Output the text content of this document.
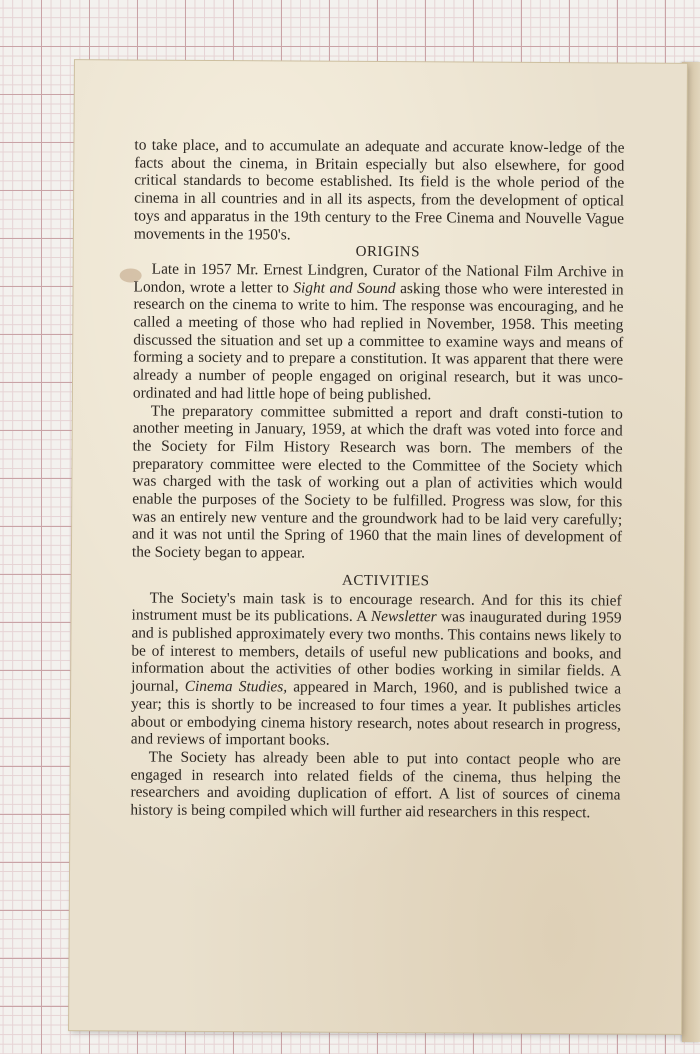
to take place, and to accumulate an adequate and accurate know-ledge of the facts about the cinema, in Britain especially but also elsewhere, for good critical standards to become established. Its field is the whole period of the cinema in all countries and in all its aspects, from the development of optical toys and apparatus in the 19th century to the Free Cinema and Nouvelle Vague movements in the 1950's.

ORIGINS

Late in 1957 Mr. Ernest Lindgren, Curator of the National Film Archive in London, wrote a letter to Sight and Sound asking those who were interested in research on the cinema to write to him. The response was encouraging, and he called a meeting of those who had replied in November, 1958. This meeting discussed the situation and set up a committee to examine ways and means of forming a society and to prepare a constitution. It was apparent that there were already a number of people engaged on original research, but it was unco-ordinated and had little hope of being published.

The preparatory committee submitted a report and draft consti-tution to another meeting in January, 1959, at which the draft was voted into force and the Society for Film History Research was born. The members of the preparatory committee were elected to the Committee of the Society which was charged with the task of working out a plan of activities which would enable the purposes of the Society to be fulfilled. Progress was slow, for this was an entirely new venture and the groundwork had to be laid very carefully; and it was not until the Spring of 1960 that the main lines of development of the Society began to appear.

ACTIVITIES

The Society's main task is to encourage research. And for this its chief instrument must be its publications. A Newsletter was inaugurated during 1959 and is published approximately every two months. This contains news likely to be of interest to members, details of useful new publications and books, and information about the activities of other bodies working in similar fields. A journal, Cinema Studies, appeared in March, 1960, and is published twice a year; this is shortly to be increased to four times a year. It publishes articles about or embodying cinema history research, notes about research in progress, and reviews of important books.

The Society has already been able to put into contact people who are engaged in research into related fields of the cinema, thus helping the researchers and avoiding duplication of effort. A list of sources of cinema history is being compiled which will further aid researchers in this respect.
